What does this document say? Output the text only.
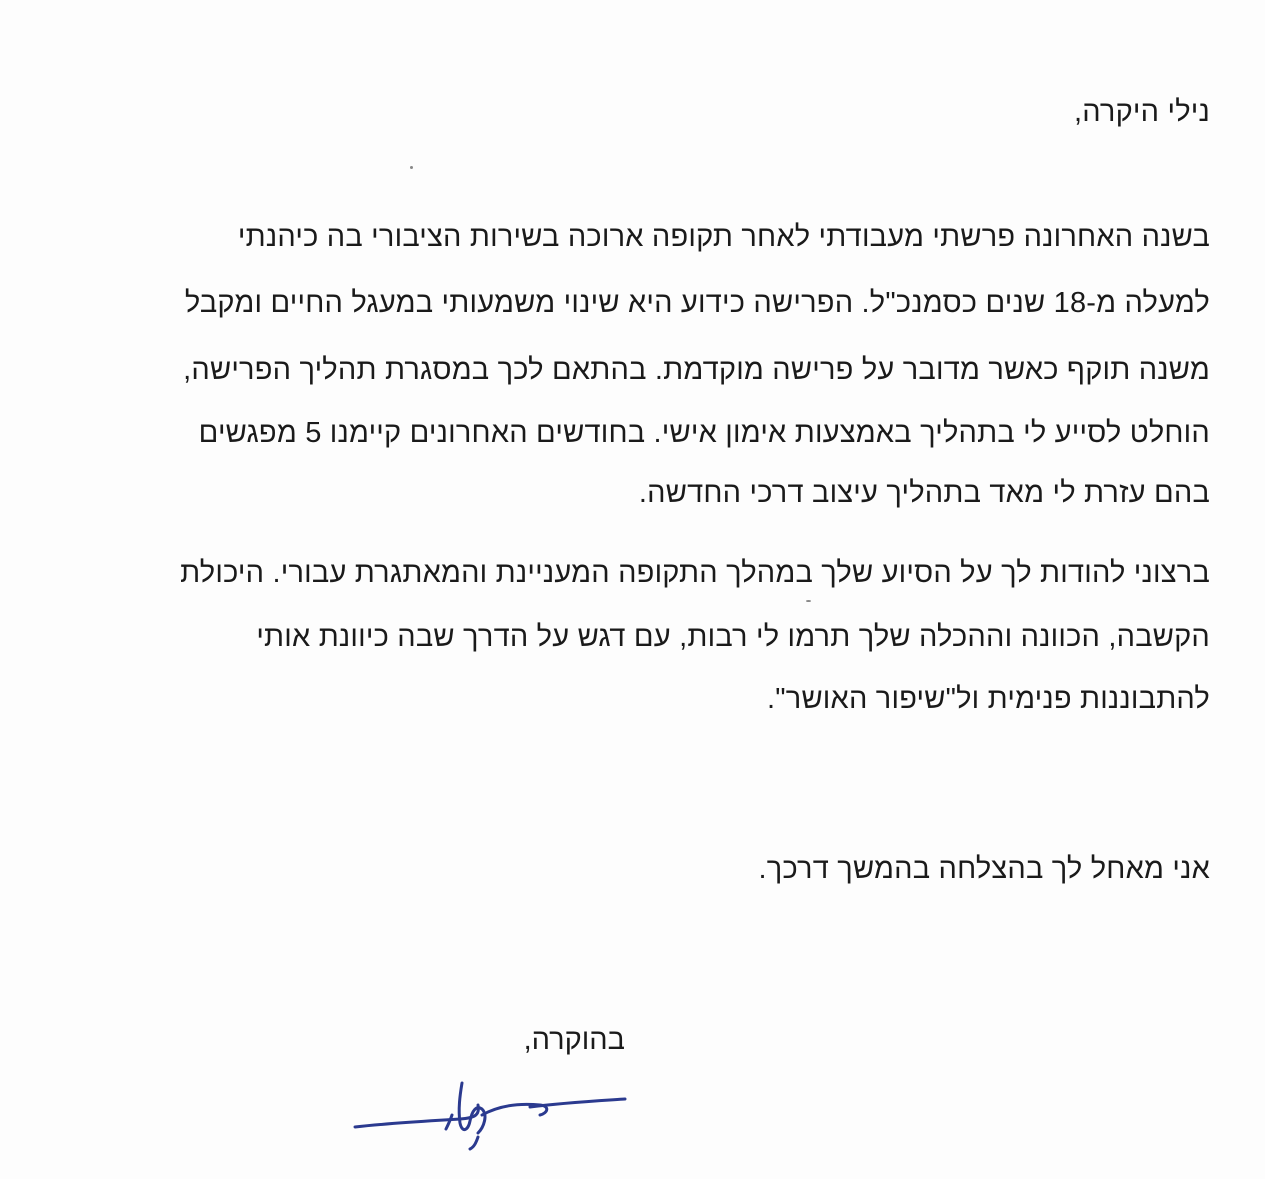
נילי היקרה,
בשנה האחרונה פרשתי מעבודתי לאחר תקופה ארוכה בשירות הציבורי בה כיהנתי
למעלה מ-18 שנים כסמנכ"ל. הפרישה כידוע היא שינוי משמעותי במעגל החיים ומקבל
משנה תוקף כאשר מדובר על פרישה מוקדמת. בהתאם לכך במסגרת תהליך הפרישה,
הוחלט לסייע לי בתהליך באמצעות אימון אישי. בחודשים האחרונים קיימנו 5 מפגשים
בהם עזרת לי מאד בתהליך עיצוב דרכי החדשה.
ברצוני להודות לך על הסיוע שלך במהלך התקופה המעניינת והמאתגרת עבורי. היכולת
הקשבה, הכוונה וההכלה שלך תרמו לי רבות, עם דגש על הדרך שבה כיוונת אותי
להתבוננות פנימית ול"שיפור האושר".
אני מאחל לך בהצלחה בהמשך דרכך.
בהוקרה,
